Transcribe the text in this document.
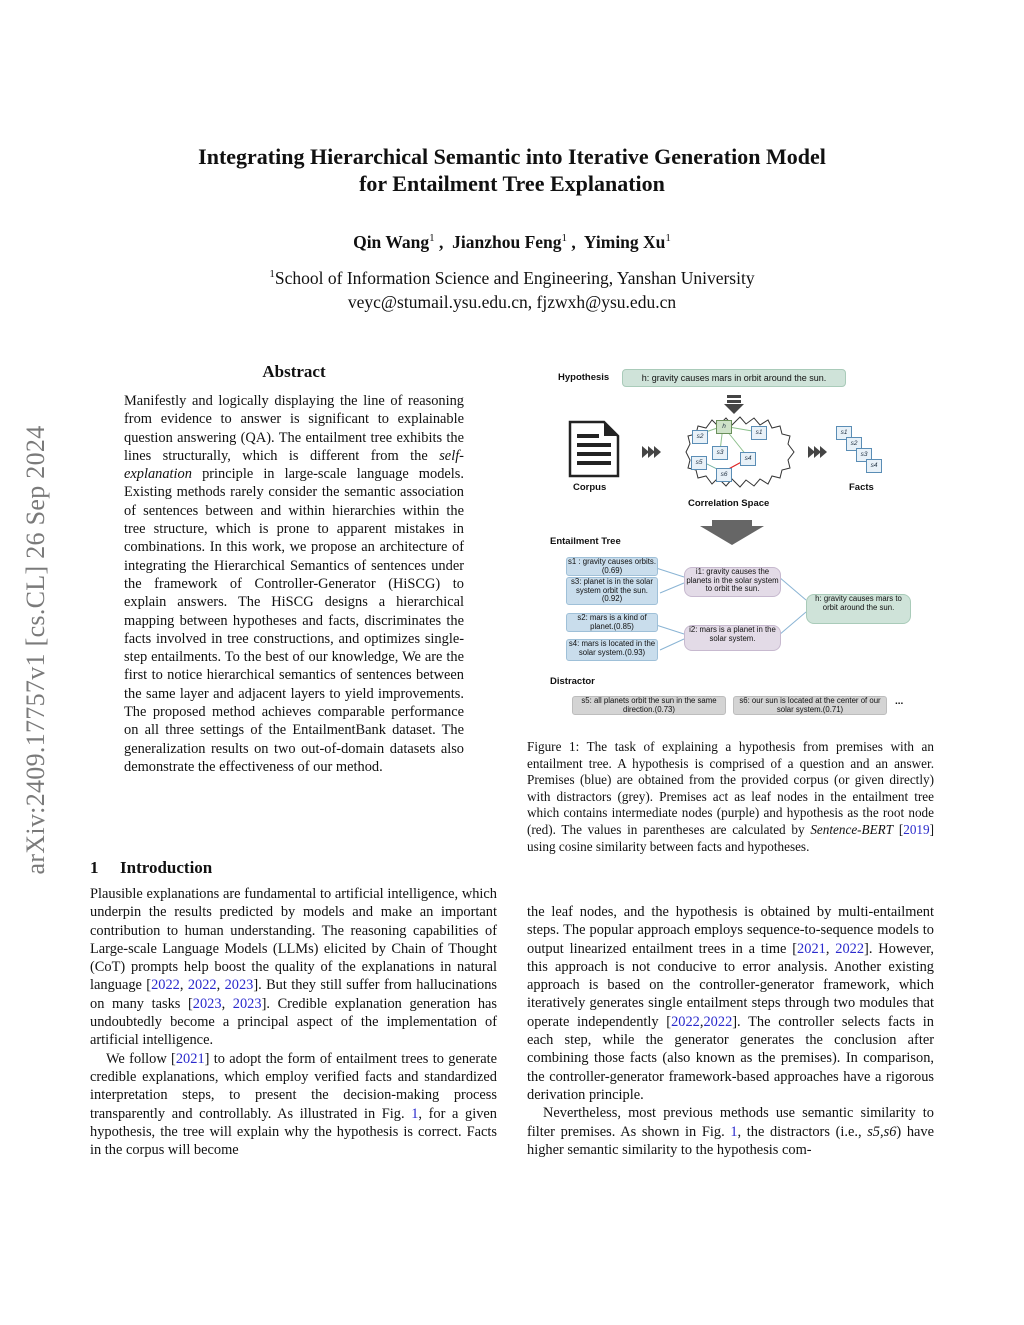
arXiv:2409.17757v1 [cs.CL] 26 Sep 2024
Integrating Hierarchical Semantic into Iterative Generation Model
for Entailment Tree Explanation
Qin Wang$^1$ ,  Jianzhou Feng$^1$ ,  Yiming Xu$^1$
$^1$School of Information Science and Engineering, Yanshan University
veyc@stumail.ysu.edu.cn, fjzwxh@ysu.edu.cn
Abstract

Manifestly and logically displaying the line of reasoning from evidence to answer is significant to explainable question answering (QA). The entailment tree exhibits the lines structurally, which is different from the self-explanation principle in large-scale language models. Existing methods rarely consider the semantic association of sentences between and within hierarchies within the tree structure, which is prone to apparent mistakes in combinations. In this work, we propose an architecture of integrating the Hierarchical Semantics of sentences under the framework of Controller-Generator (HiSCG) to explain answers. The HiSCG designs a hierarchical mapping between hypotheses and facts, discriminates the facts involved in tree constructions, and optimizes single-step entailments. To the best of our knowledge, We are the first to notice hierarchical semantics of sentences between the same layer and adjacent layers to yield improvements. The proposed method achieves comparable performance on all three settings of the EntailmentBank dataset. The generalization results on two out-of-domain datasets also demonstrate the effectiveness of our method.

1 Introduction

Plausible explanations are fundamental to artificial intelligence, which underpin the results predicted by models and make an important contribution to human understanding. The reasoning capabilities of Large-scale Language Models (LLMs) elicited by Chain of Thought (CoT) prompts help boost the quality of the explanations in natural language [2022, 2022, 2023]. But they still suffer from hallucinations on many tasks [2023, 2023]. Credible explanation generation has undoubtedly become a principal aspect of the implementation of artificial intelligence.

We follow [2021] to adopt the form of entailment trees to generate credible explanations, which employ verified facts and standardized interpretation steps, to present the decision-making process transparently and controllably. As illustrated in Fig. 1, for a given hypothesis, the tree will explain why the hypothesis is correct. Facts in the corpus will become

the leaf nodes, and the hypothesis is obtained by multi-entailment steps. The popular approach employs sequence-to-sequence models to output linearized entailment trees in a time [2021, 2022]. However, this approach is not conducive to error analysis. Another existing approach is based on the controller-generator framework, which iteratively generates single entailment steps through two modules that operate independently [2022,2022]. The controller selects facts in each step, while the generator generates the conclusion after combining those facts (also known as the premises). In comparison, the controller-generator framework-based approaches have a rigorous derivation principle.

Nevertheless, most previous methods use semantic similarity to filter premises. As shown in Fig. 1, the distractors (i.e., s5,s6) have higher semantic similarity to the hypothesis com-

Figure 1: The task of explaining a hypothesis from premises with an entailment tree. A hypothesis is comprised of a question and an answer. Premises (blue) are obtained from the provided corpus (or given directly) with distractors (grey). Premises act as leaf nodes in the entailment tree which contains intermediate nodes (purple) and hypothesis as the root node (red). The values in parentheses are calculated by Sentence-BERT [2019] using cosine similarity between facts and hypotheses.
Hypothesis	h: gravity causes mars in orbit around the sun.
h
s1
s2
s3
s4
s5
s6
s1
s2
s3
s4
Corpus
Correlation Space
Facts
Entailment Tree
s1 : gravity causes orbits.(0.69)
s3: planet is in the solar system orbit the sun.(0.92)
s2: mars is a kind of planet.(0.85)
s4: mars is located in the solar system.(0.93)
i1: gravity causes the planets in the solar system to orbit the sun.
i2: mars is a planet in the solar system.
h: gravity causes mars to orbit around the sun.
Distractor
s5: all planets orbit the sun in the same direction.(0.73)
s6: our sun is located at the center of our solar system.(0.71)
...
